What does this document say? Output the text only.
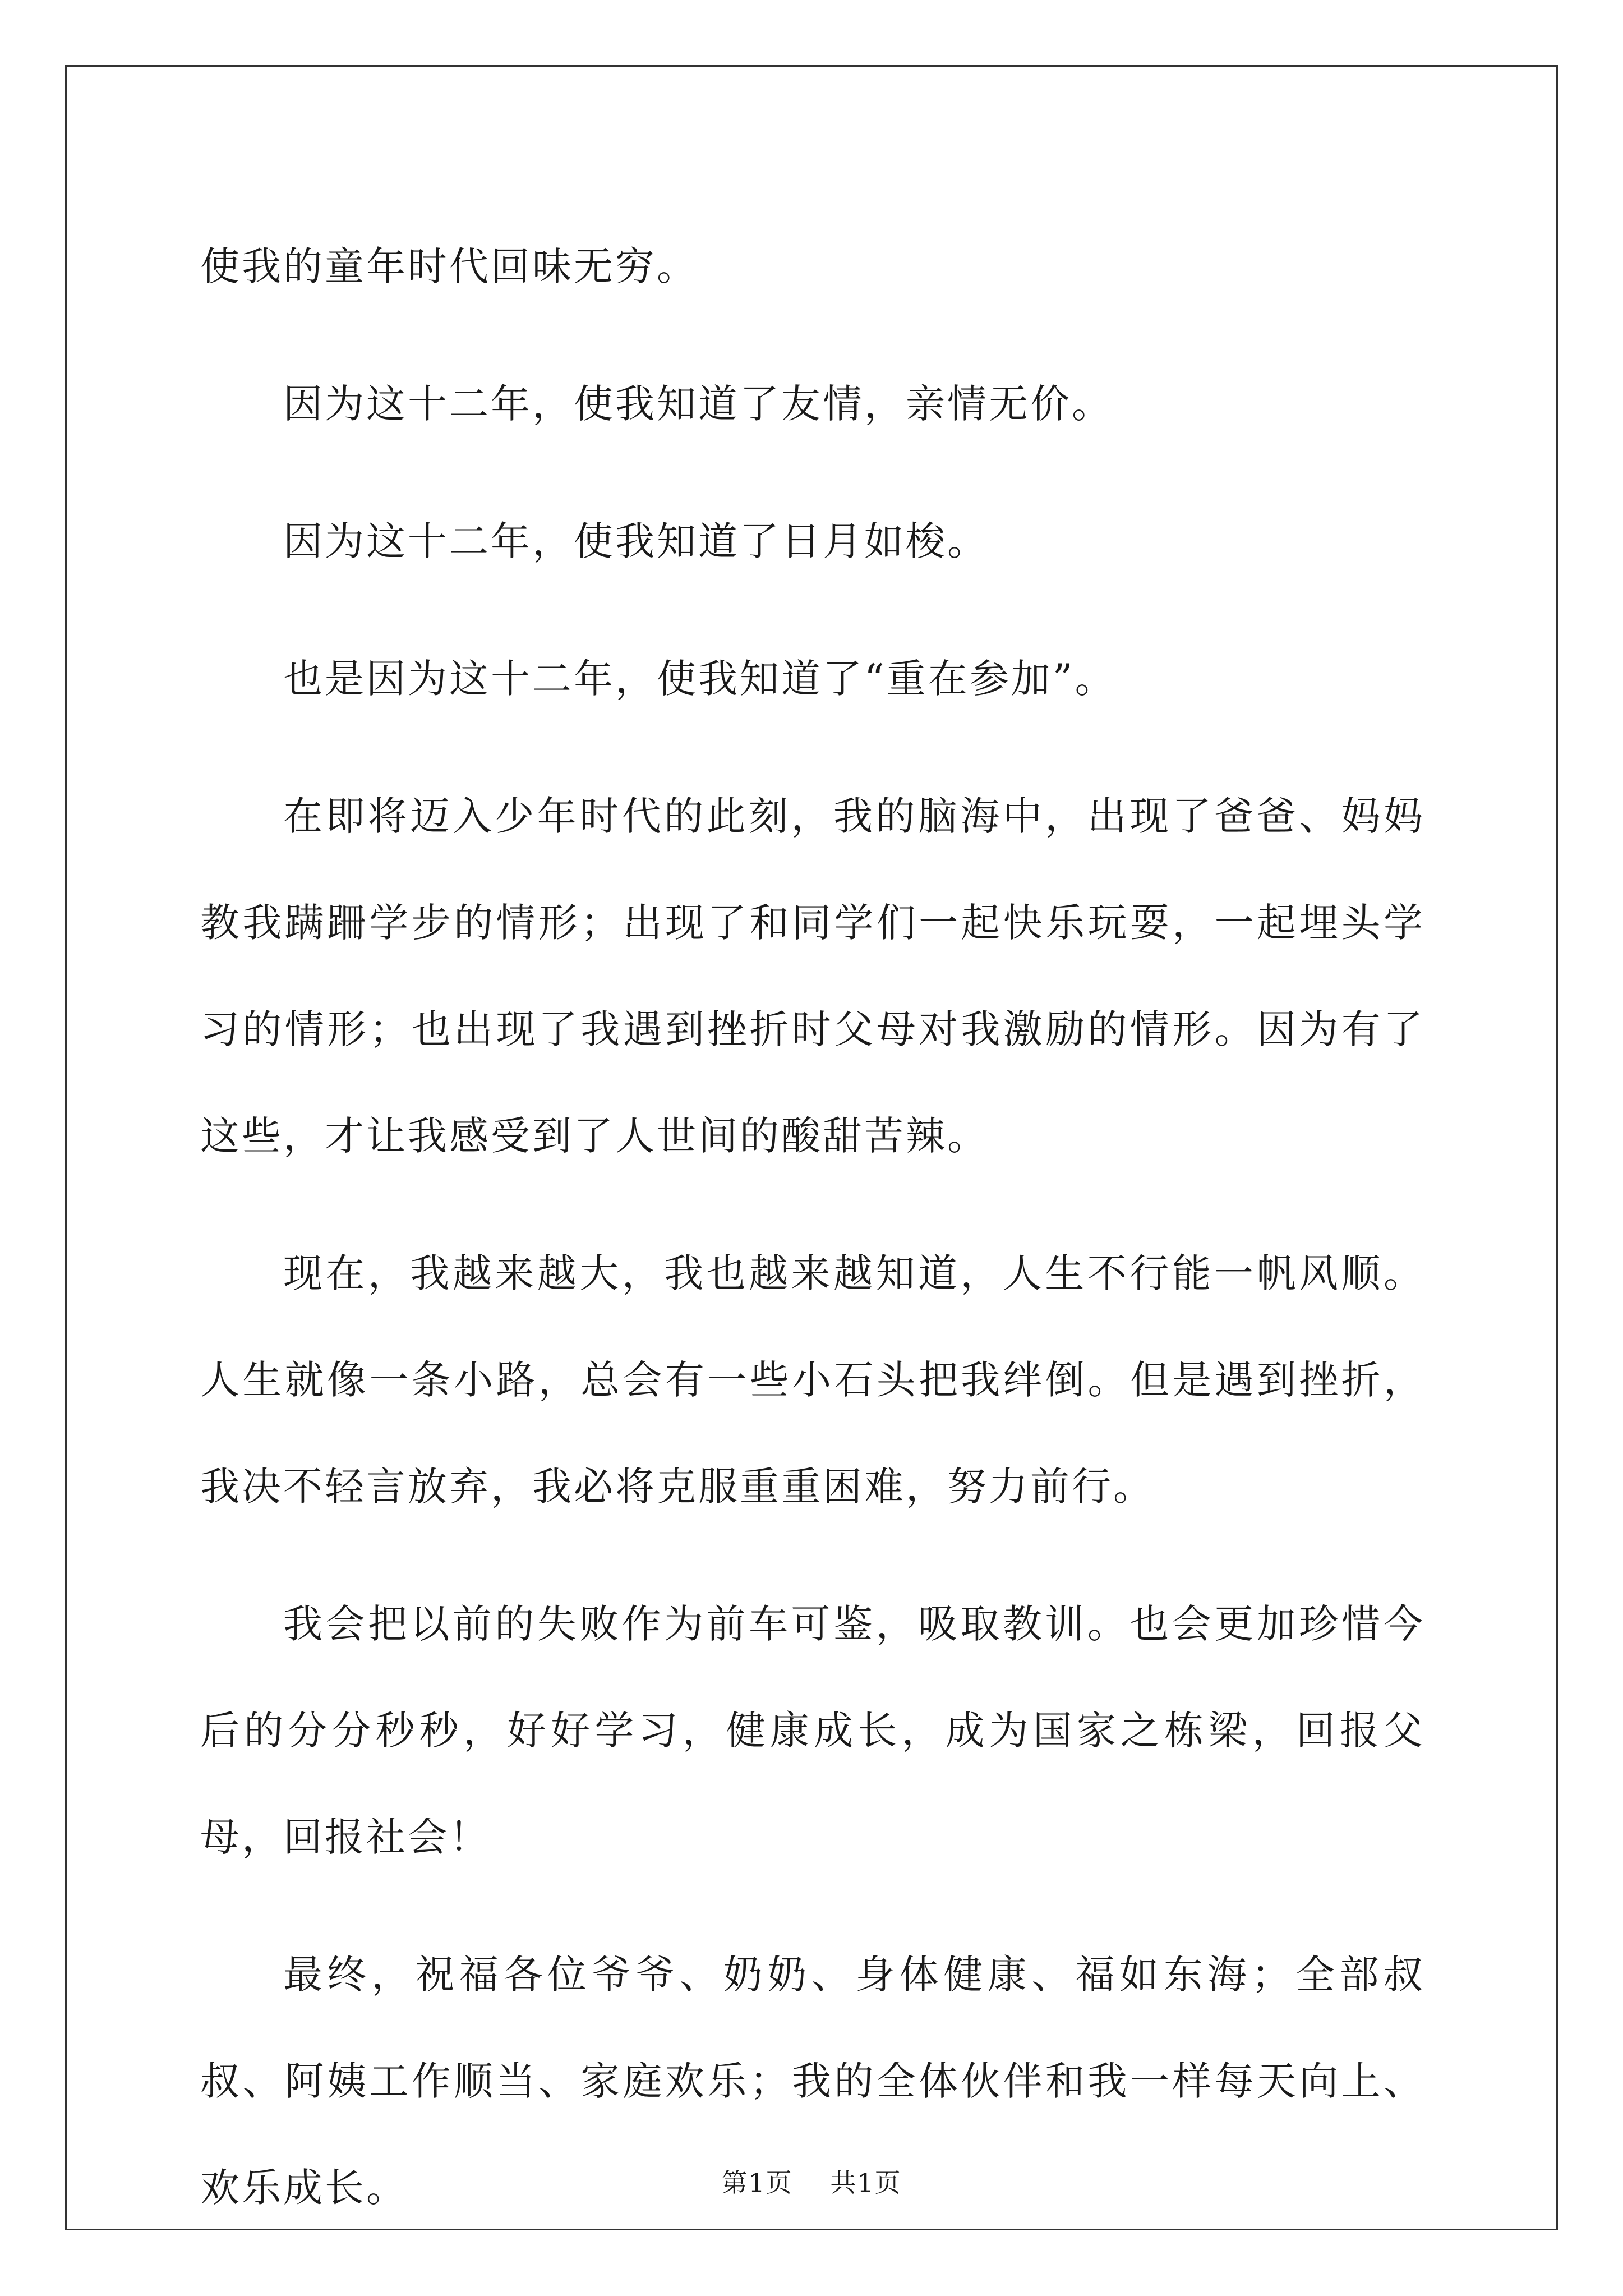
使我的童年时代回味无穷。

因为这十二年，使我知道了友情，亲情无价。

因为这十二年，使我知道了日月如梭。

也是因为这十二年，使我知道了“重在参加”。

在即将迈入少年时代的此刻，我的脑海中，出现了爸爸、妈妈教我蹒跚学步的情形；出现了和同学们一起快乐玩耍，一起埋头学习的情形；也出现了我遇到挫折时父母对我激励的情形。因为有了这些，才让我感受到了人世间的酸甜苦辣。

现在，我越来越大，我也越来越知道，人生不行能一帆风顺。人生就像一条小路，总会有一些小石头把我绊倒。但是遇到挫折，我决不轻言放弃，我必将克服重重困难，努力前行。

我会把以前的失败作为前车可鉴，吸取教训。也会更加珍惜今后的分分秒秒，好好学习，健康成长，成为国家之栋梁，回报父母，回报社会！

最终，祝福各位爷爷、奶奶、身体健康、福如东海；全部叔叔、阿姨工作顺当、家庭欢乐；我的全体伙伴和我一样每天向上、欢乐成长。	第1页 共1页
